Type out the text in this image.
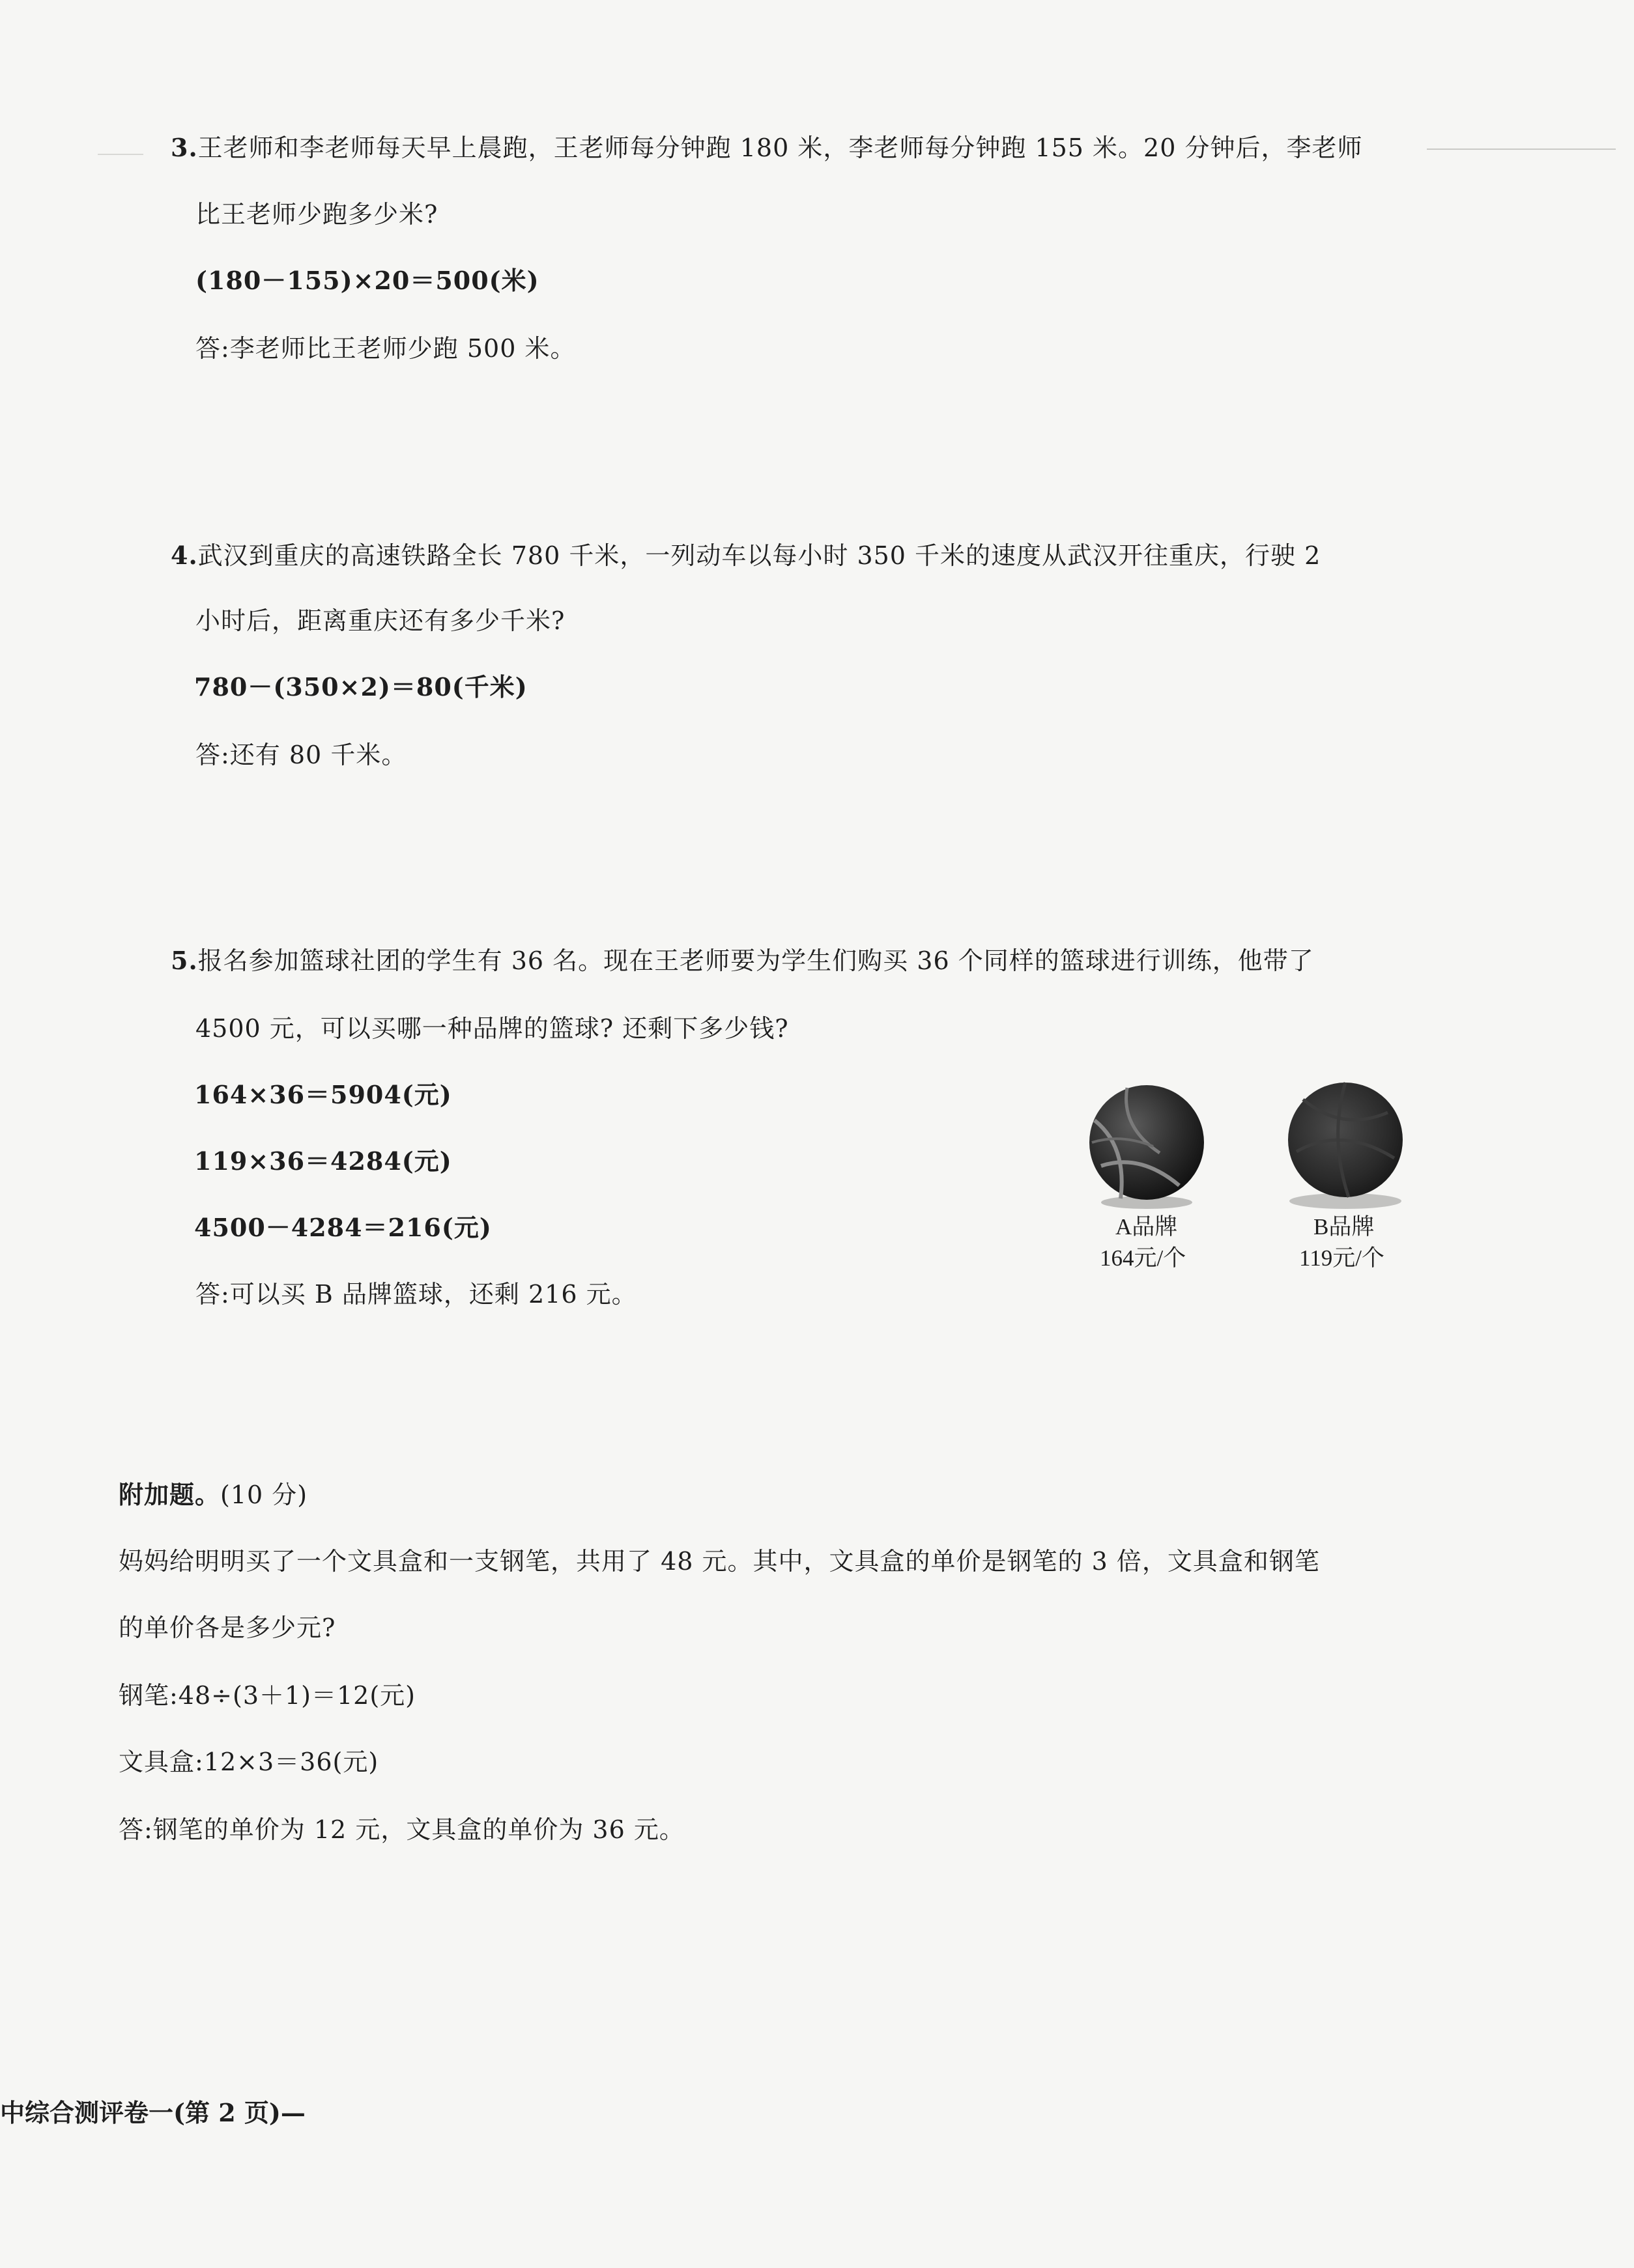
3.王老师和李老师每天早上晨跑，王老师每分钟跑 180 米，李老师每分钟跑 155 米。20 分钟后，李老师
比王老师少跑多少米?
(180－155)×20＝500(米)
答:李老师比王老师少跑 500 米。
4.武汉到重庆的高速铁路全长 780 千米，一列动车以每小时 350 千米的速度从武汉开往重庆，行驶 2
小时后，距离重庆还有多少千米?
780－(350×2)＝80(千米)
答:还有 80 千米。
5.报名参加篮球社团的学生有 36 名。现在王老师要为学生们购买 36 个同样的篮球进行训练，他带了
4500 元，可以买哪一种品牌的篮球? 还剩下多少钱?
164×36＝5904(元)
119×36＝4284(元)
4500－4284＝216(元)
答:可以买 B 品牌篮球，还剩 216 元。
A品牌
164元/个
B品牌
119元/个
附加题。(10 分)
妈妈给明明买了一个文具盒和一支钢笔，共用了 48 元。其中，文具盒的单价是钢笔的 3 倍，文具盒和钢笔
的单价各是多少元?
钢笔:48÷(3＋1)＝12(元)
文具盒:12×3＝36(元)
答:钢笔的单价为 12 元，文具盒的单价为 36 元。
中综合测评卷一(第 2 页)—
